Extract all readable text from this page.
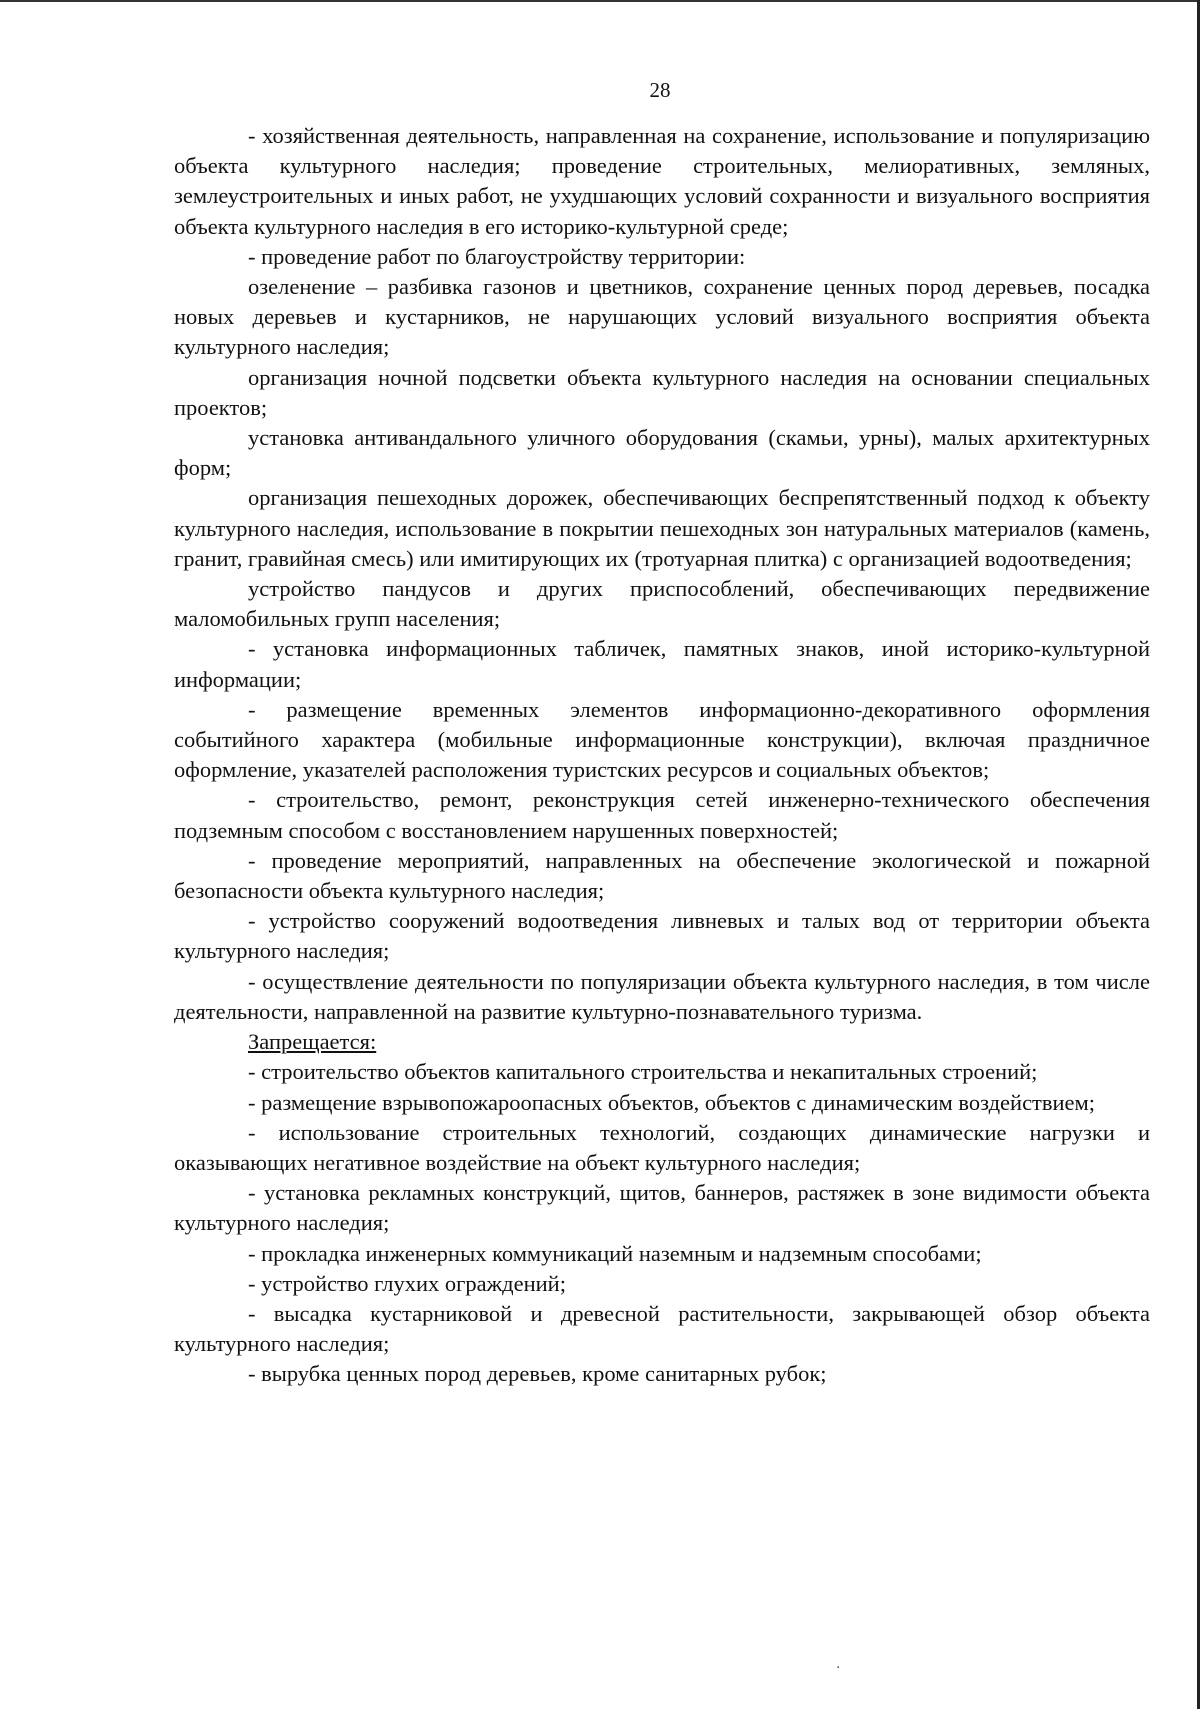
28

- хозяйственная деятельность, направленная на сохранение, использование и популяризацию объекта культурного наследия; проведение строительных, мелиоративных, земляных, землеустроительных и иных работ, не ухудшающих условий сохранности и визуального восприятия объекта культурного наследия в его историко-культурной среде;

- проведение работ по благоустройству территории:

озеленение – разбивка газонов и цветников, сохранение ценных пород деревьев, посадка новых деревьев и кустарников, не нарушающих условий визуального восприятия объекта культурного наследия;

организация ночной подсветки объекта культурного наследия на основании специальных проектов;

установка антивандального уличного оборудования (скамьи, урны), малых архитектурных форм;

организация пешеходных дорожек, обеспечивающих беспрепятственный подход к объекту культурного наследия, использование в покрытии пешеходных зон натуральных материалов (камень, гранит, гравийная смесь) или имитирующих их (тротуарная плитка) с организацией водоотведения;

устройство пандусов и других приспособлений, обеспечивающих передвижение маломобильных групп населения;

- установка информационных табличек, памятных знаков, иной историко-культурной информации;

- размещение временных элементов информационно-декоративного оформления событийного характера (мобильные информационные конструкции), включая праздничное оформление, указателей расположения туристских ресурсов и социальных объектов;

- строительство, ремонт, реконструкция сетей инженерно-технического обеспечения подземным способом с восстановлением нарушенных поверхностей;

- проведение мероприятий, направленных на обеспечение экологической и пожарной безопасности объекта культурного наследия;

- устройство сооружений водоотведения ливневых и талых вод от территории объекта культурного наследия;

- осуществление деятельности по популяризации объекта культурного наследия, в том числе деятельности, направленной на развитие культурно-познавательного туризма.

Запрещается:

- строительство объектов капитального строительства и некапитальных строений;

- размещение взрывопожароопасных объектов, объектов с динамическим воздействием;

- использование строительных технологий, создающих динамические нагрузки и оказывающих негативное воздействие на объект культурного наследия;

- установка рекламных конструкций, щитов, баннеров, растяжек в зоне видимости объекта культурного наследия;

- прокладка инженерных коммуникаций наземным и надземным способами;

- устройство глухих ограждений;

- высадка кустарниковой и древесной растительности, закрывающей обзор объекта культурного наследия;

- вырубка ценных пород деревьев, кроме санитарных рубок;

·
